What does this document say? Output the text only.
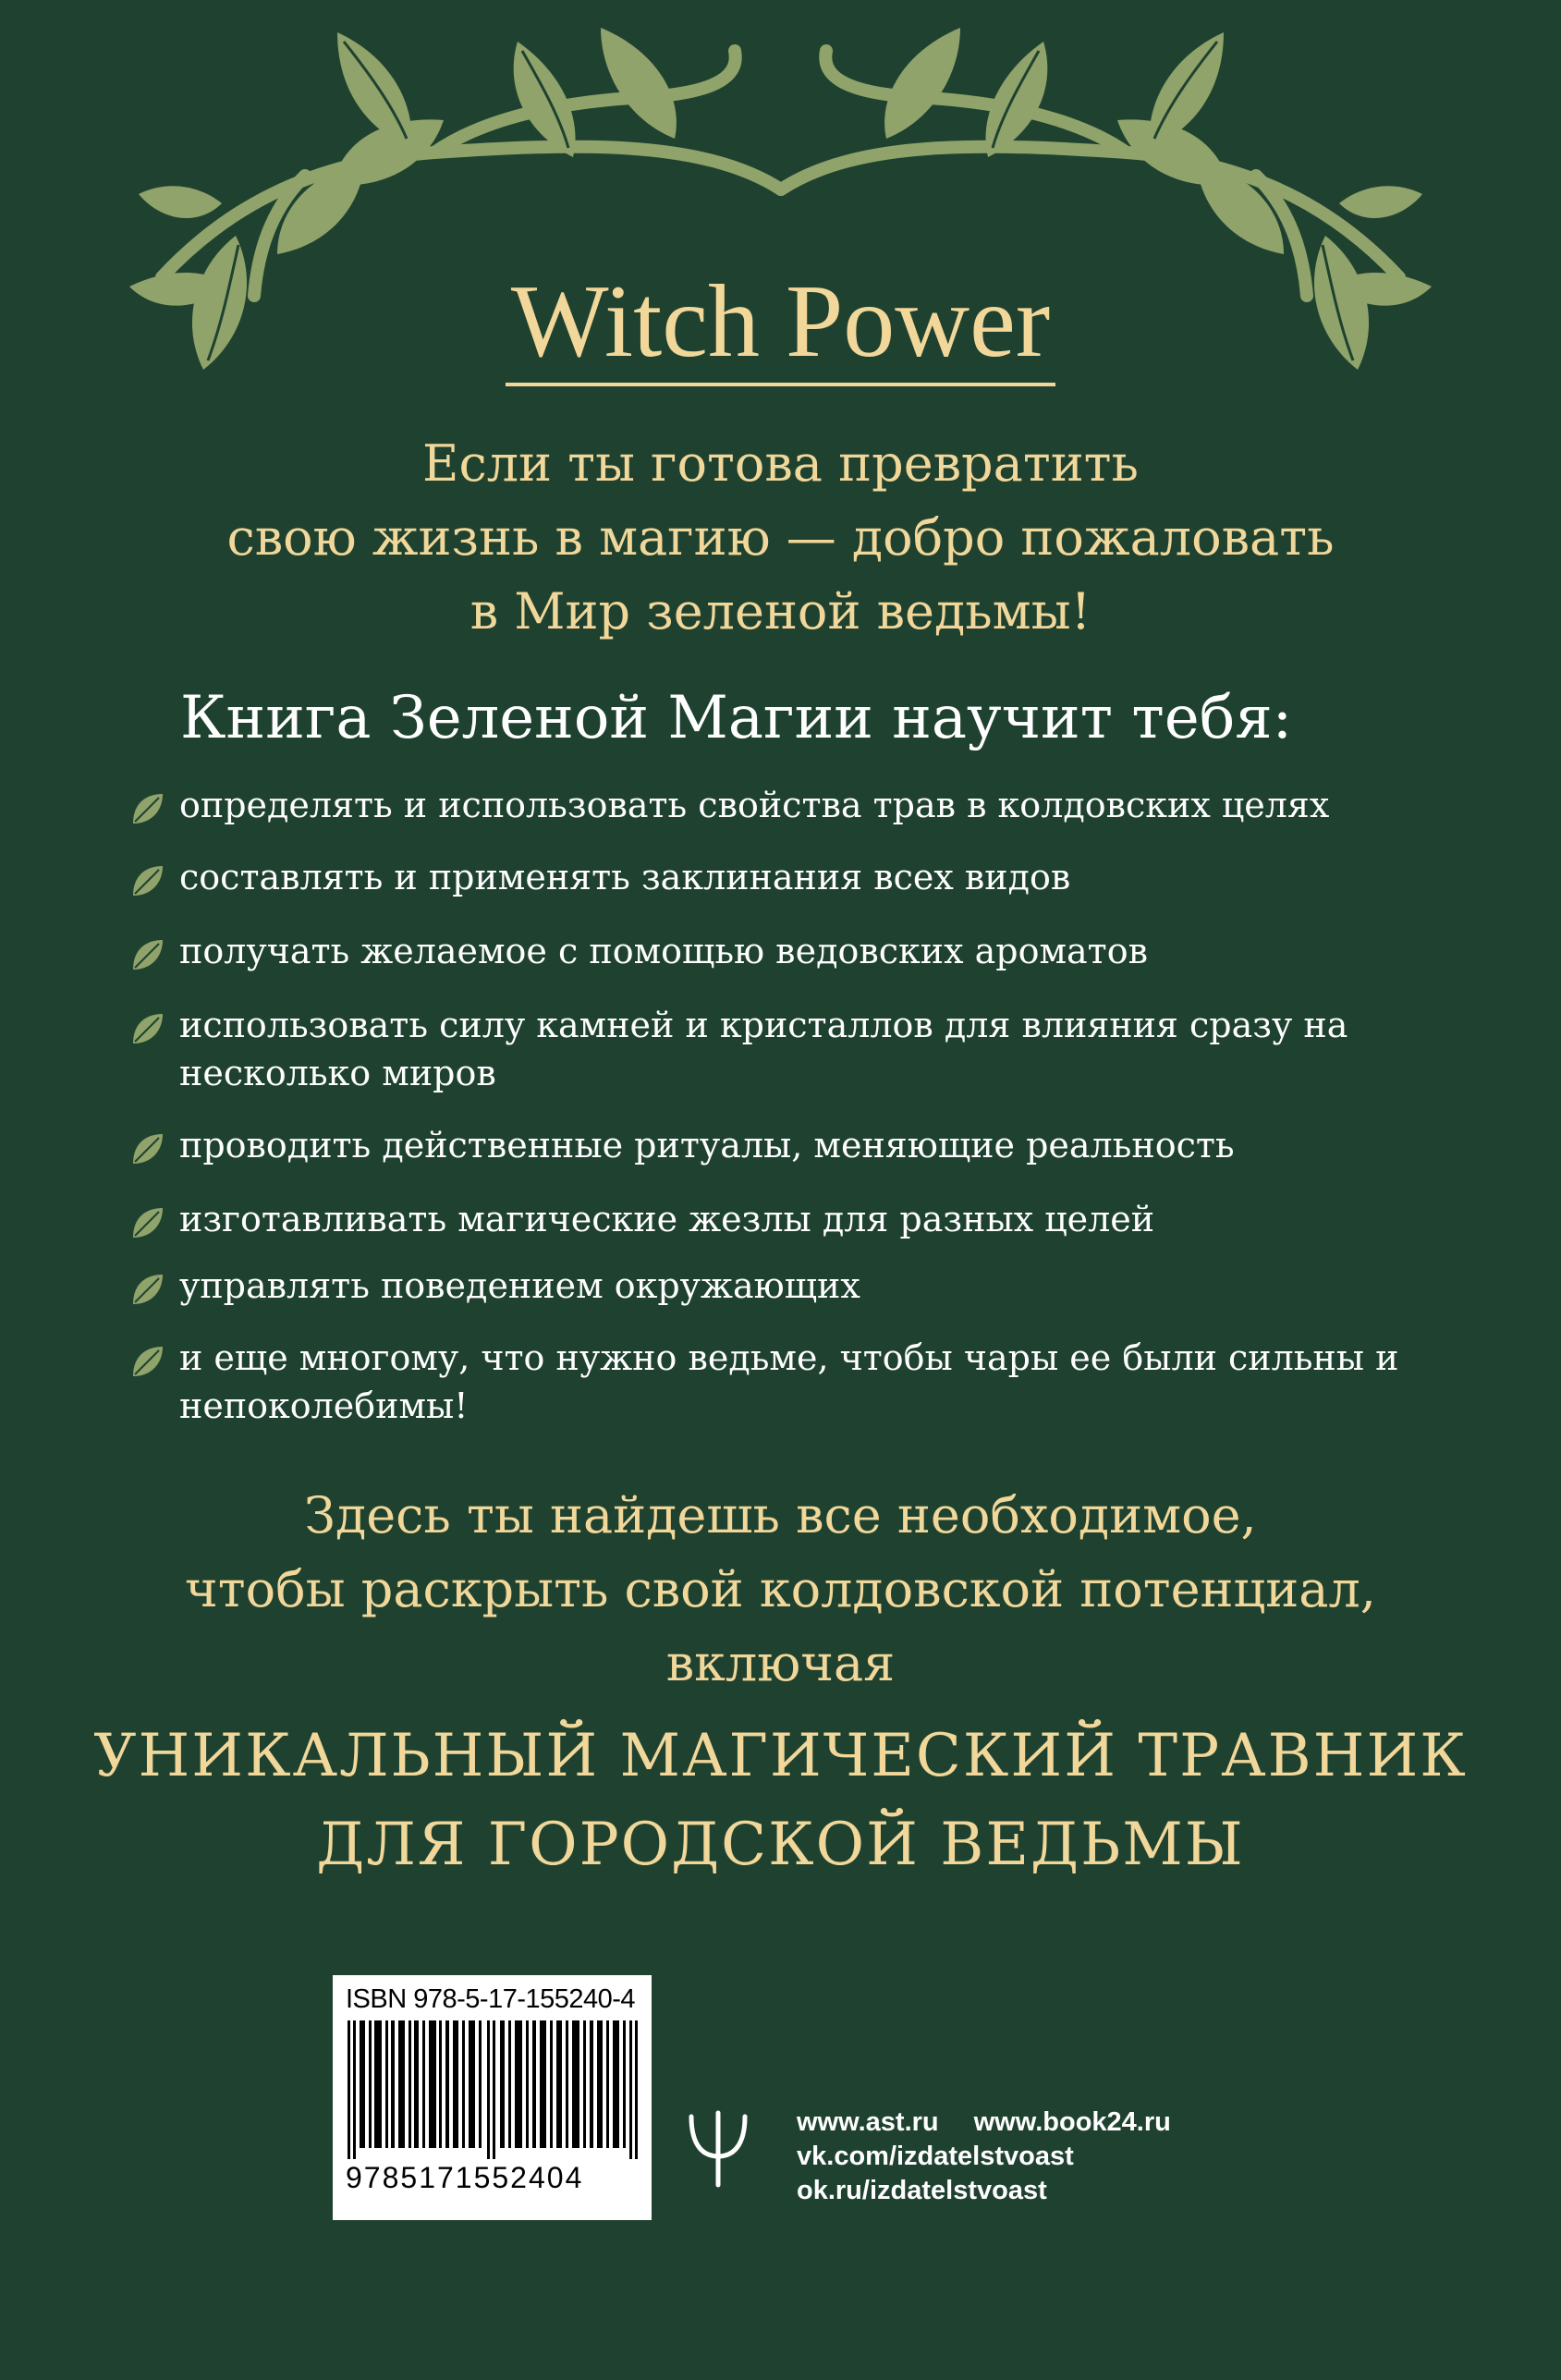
Witch Power
Если ты готова превратить
свою жизнь в магию — добро пожаловать
в Мир зеленой ведьмы!
Книга Зеленой Магии научит тебя:
определять и использовать свойства трав в колдовских целях
составлять и применять заклинания всех видов
получать желаемое с помощью ведовских ароматов
использовать силу камней и кристаллов для влияния сразу на несколько миров
проводить действенные ритуалы, меняющие реальность
изготавливать магические жезлы для разных целей
управлять поведением окружающих
и еще многому, что нужно ведьме, чтобы чары ее были сильны и непоколебимы!
Здесь ты найдешь все необходимое,
чтобы раскрыть свой колдовской потенциал,
включая
УНИКАЛЬНЫЙ МАГИЧЕСКИЙ ТРАВНИК
ДЛЯ ГОРОДСКОЙ ВЕДЬМЫ
ISBN 978-5-17-155240-4
9785171552404
www.ast.ru www.book24.ru
vk.com/izdatelstvoast
ok.ru/izdatelstvoast
